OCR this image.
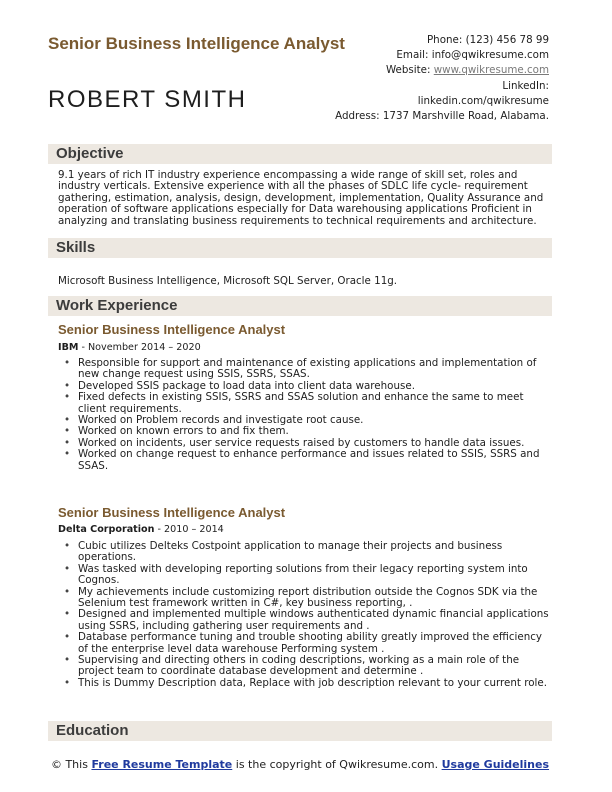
Senior Business Intelligence Analyst
ROBERT SMITH
Phone: (123) 456 78 99
Email: info@qwikresume.com
Website: www.qwikresume.com
LinkedIn:
linkedin.com/qwikresume
Address: 1737 Marshville Road, Alabama.
Objective
9.1 years of rich IT industry experience encompassing a wide range of skill set, roles and industry verticals. Extensive experience with all the phases of SDLC life cycle- requirement gathering, estimation, analysis, design, development, implementation, Quality Assurance and operation of software applications especially for Data warehousing applications Proficient in analyzing and translating business requirements to technical requirements and architecture.
Skills
Microsoft Business Intelligence, Microsoft SQL Server, Oracle 11g.
Work Experience
Senior Business Intelligence Analyst
IBM - November 2014 – 2020
• Responsible for support and maintenance of existing applications and implementation of new change request using SSIS, SSRS, SSAS.
• Developed SSIS package to load data into client data warehouse.
• Fixed defects in existing SSIS, SSRS and SSAS solution and enhance the same to meet client requirements.
• Worked on Problem records and investigate root cause.
• Worked on known errors to and fix them.
• Worked on incidents, user service requests raised by customers to handle data issues.
• Worked on change request to enhance performance and issues related to SSIS, SSRS and SSAS.
Senior Business Intelligence Analyst
Delta Corporation - 2010 – 2014
• Cubic utilizes Delteks Costpoint application to manage their projects and business operations.
• Was tasked with developing reporting solutions from their legacy reporting system into Cognos.
• My achievements include customizing report distribution outside the Cognos SDK via the Selenium test framework written in C#, key business reporting, .
• Designed and implemented multiple windows authenticated dynamic financial applications using SSRS, including gathering user requirements and .
• Database performance tuning and trouble shooting ability greatly improved the efficiency of the enterprise level data warehouse Performing system .
• Supervising and directing others in coding descriptions, working as a main role of the project team to coordinate database development and determine .
• This is Dummy Description data, Replace with job description relevant to your current role.
Education
© This Free Resume Template is the copyright of Qwikresume.com. Usage Guidelines
